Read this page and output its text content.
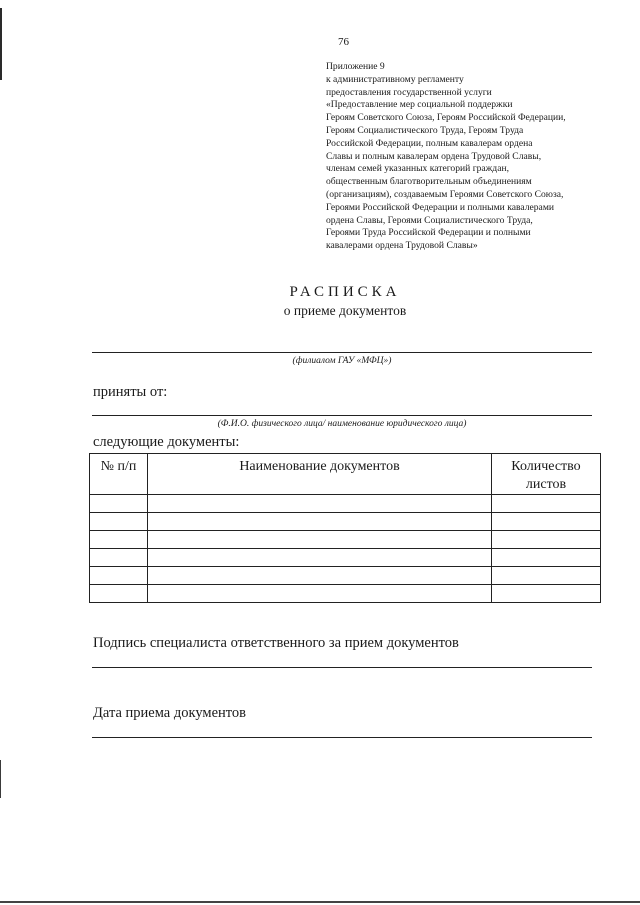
76
Приложение 9
к административному регламенту
предоставления государственной услуги
«Предоставление мер социальной поддержки
Героям Советского Союза, Героям Российской Федерации,
Героям Социалистического Труда, Героям Труда
Российской Федерации, полным кавалерам ордена
Славы и полным кавалерам ордена Трудовой Славы,
членам семей указанных категорий граждан,
общественным благотворительным объединениям
(организациям), создаваемым Героями Советского Союза,
Героями Российской Федерации и полными кавалерами
ордена Славы, Героями Социалистического Труда,
Героями Труда Российской Федерации и полными
кавалерами ордена Трудовой Славы»
РАСПИСКА
о приеме документов
(филиалом ГАУ «МФЦ»)
приняты от:
(Ф.И.О. физического лица/ наименование юридического лица)
следующие документы:
№ п/п	Наименование документов	Количество листов

Подпись специалиста ответственного за прием документов
Дата приема документов
